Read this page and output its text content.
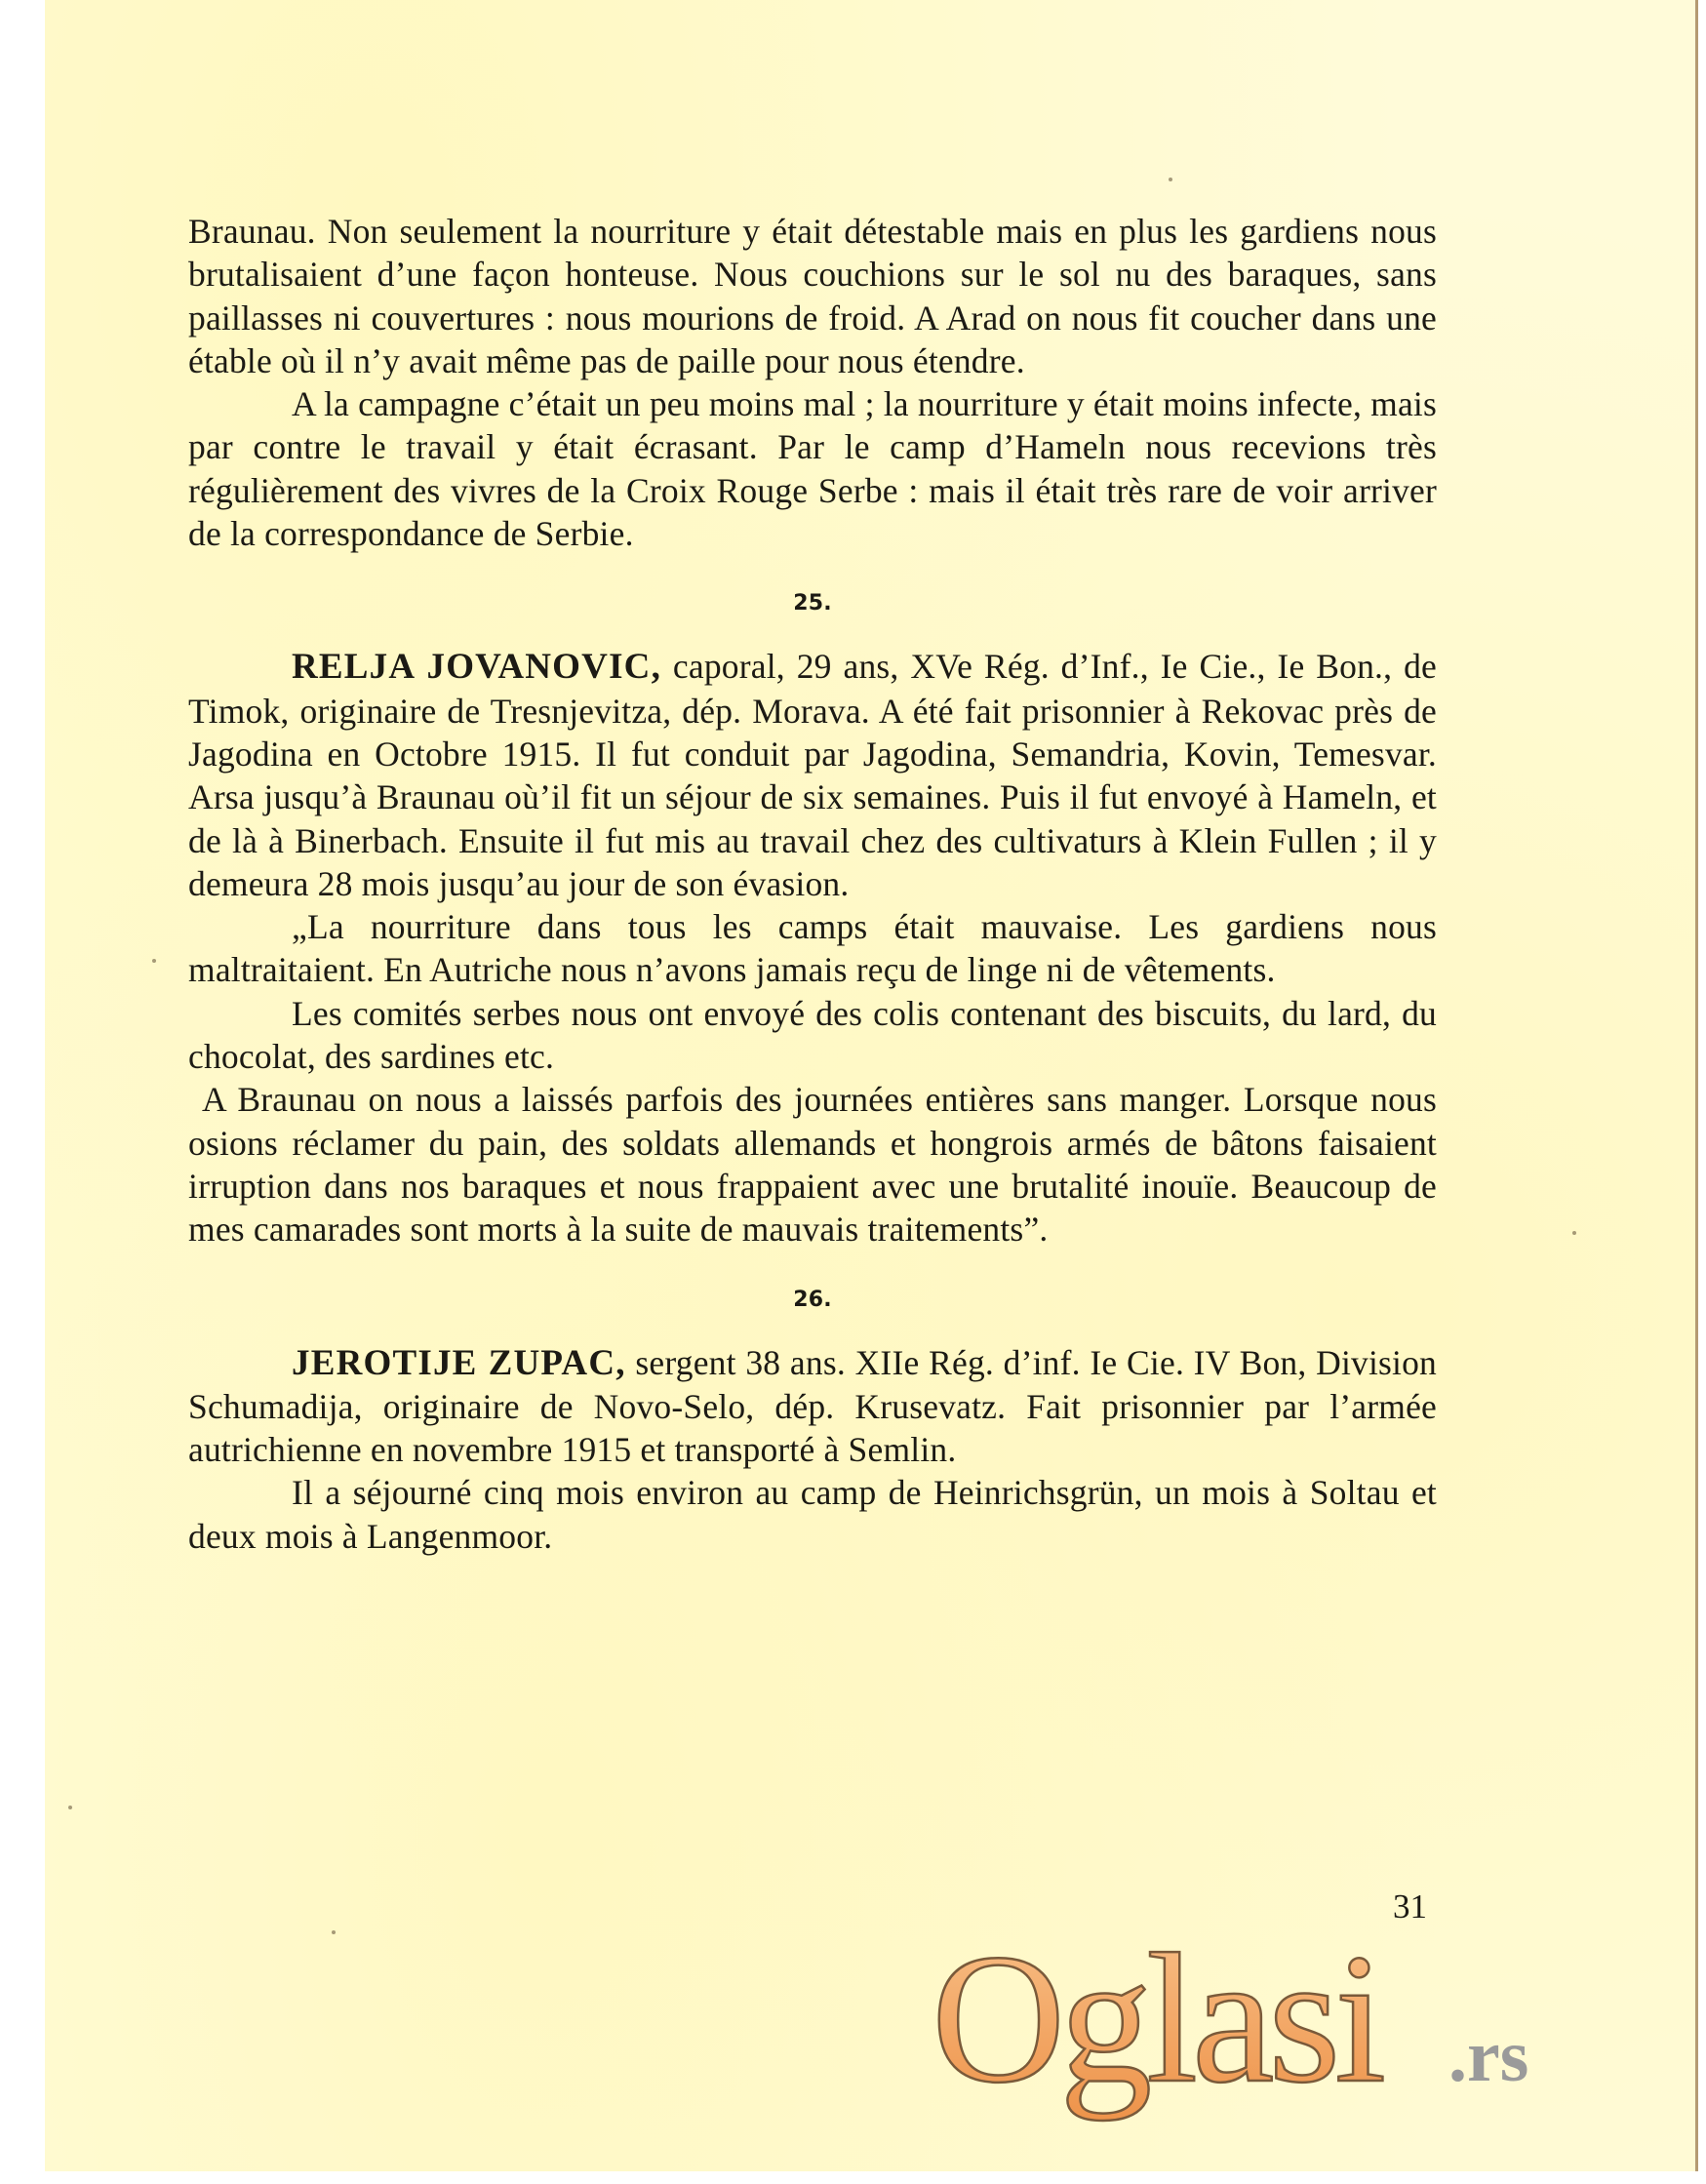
Braunau. Non seulement la nourriture y était détestable mais en plus les gardiens nous brutalisaient d’une façon honteuse. Nous couchions sur le sol nu des baraques, sans paillasses ni couvertures : nous mourions de froid. A Arad on nous fit coucher dans une étable où il n’y avait même pas de paille pour nous étendre.

A la campagne c’était un peu moins mal ; la nourriture y était moins infecte, mais par contre le travail y était écrasant. Par le camp d’Hameln nous recevions très régulièrement des vivres de la Croix Rouge Serbe : mais il était très rare de voir arriver de la correspondance de Serbie.

25.

RELJA JOVANOVIC, caporal, 29 ans, XVe Rég. d’Inf., Ie Cie., Ie Bon., de Timok, originaire de Tresnjevitza, dép. Morava. A été fait prisonnier à Rekovac près de Jagodina en Octobre 1915. Il fut conduit par Jagodina, Semandria, Kovin, Temesvar. Arsa jusqu’à Braunau où’il fit un séjour de six semaines. Puis il fut envoyé à Hameln, et de là à Binerbach. Ensuite il fut mis au travail chez des cultivaturs à Klein Fullen ; il y demeura 28 mois jusqu’au jour de son évasion.

„La nourriture dans tous les camps était mauvaise. Les gardiens nous maltraitaient. En Autriche nous n’avons jamais reçu de linge ni de vêtements.

Les comités serbes nous ont envoyé des colis contenant des biscuits, du lard, du chocolat, des sardines etc.

A Braunau on nous a laissés parfois des journées entières sans manger. Lorsque nous osions réclamer du pain, des soldats allemands et hongrois armés de bâtons faisaient irruption dans nos baraques et nous frappaient avec une brutalité inouïe. Beaucoup de mes camarades sont morts à la suite de mauvais traitements”.

26.

JEROTIJE ZUPAC, sergent 38 ans. XIIe Rég. d’inf. Ie Cie. IV Bon, Division Schumadija, originaire de Novo-Selo, dép. Krusevatz. Fait prisonnier par l’armée autrichienne en novembre 1915 et transporté à Semlin.

Il a séjourné cinq mois environ au camp de Heinrichsgrün, un mois à Soltau et deux mois à Langenmoor.

31
Oglasi .rs
